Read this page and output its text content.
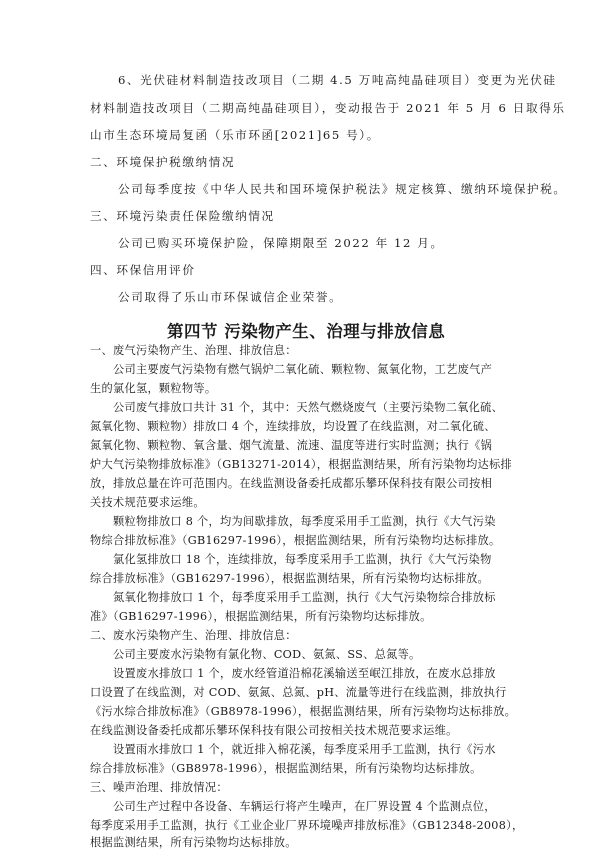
6、光伏硅材料制造技改项目（二期 4.5 万吨高纯晶硅项目）变更为光伏硅

材料制造技改项目（二期高纯晶硅项目），变动报告于 2021 年 5 月 6 日取得乐

山市生态环境局复函（乐市环函[2021]65 号）。

二、环境保护税缴纳情况

公司每季度按《中华人民共和国环境保护税法》规定核算、缴纳环境保护税。

三、环境污染责任保险缴纳情况

公司已购买环境保护险，保障期限至 2022 年 12 月。

四、环保信用评价

公司取得了乐山市环保诚信企业荣誉。

第四节 污染物产生、治理与排放信息

一、废气污染物产生、治理、排放信息：

公司主要废气污染物有燃气锅炉二氧化硫、颗粒物、氮氧化物，工艺废气产

生的氯化氢，颗粒物等。

公司废气排放口共计 31 个，其中：天然气燃烧废气（主要污染物二氧化硫、

氮氧化物、颗粒物）排放口 4 个，连续排放，均设置了在线监测，对二氧化硫、

氮氧化物、颗粒物、氧含量、烟气流量、流速、温度等进行实时监测；执行《锅

炉大气污染物排放标准》（GB13271-2014），根据监测结果，所有污染物均达标排

放，排放总量在许可范围内。在线监测设备委托成都乐攀环保科技有限公司按相

关技术规范要求运维。

颗粒物排放口 8 个，均为间歇排放，每季度采用手工监测，执行《大气污染

物综合排放标准》（GB16297-1996），根据监测结果，所有污染物均达标排放。

氯化氢排放口 18 个，连续排放，每季度采用手工监测，执行《大气污染物

综合排放标准》（GB16297-1996），根据监测结果，所有污染物均达标排放。

氮氧化物排放口 1 个，每季度采用手工监测，执行《大气污染物综合排放标

准》（GB16297-1996），根据监测结果，所有污染物均达标排放。

二、废水污染物产生、治理、排放信息：

公司主要废水污染物有氯化物、COD、氨氮、SS、总氮等。

设置废水排放口 1 个，废水经管道沿棉花溪输送至岷江排放，在废水总排放

口设置了在线监测，对 COD、氨氮、总氮、pH、流量等进行在线监测，排放执行

《污水综合排放标准》（GB8978-1996），根据监测结果，所有污染物均达标排放。

在线监测设备委托成都乐攀环保科技有限公司按相关技术规范要求运维。

设置雨水排放口 1 个，就近排入棉花溪，每季度采用手工监测，执行《污水

综合排放标准》（GB8978-1996），根据监测结果，所有污染物均达标排放。

三、噪声治理、排放情况：

公司生产过程中各设备、车辆运行将产生噪声，在厂界设置 4 个监测点位，

每季度采用手工监测，执行《工业企业厂界环境噪声排放标准》（GB12348-2008），

根据监测结果，所有污染物均达标排放。
